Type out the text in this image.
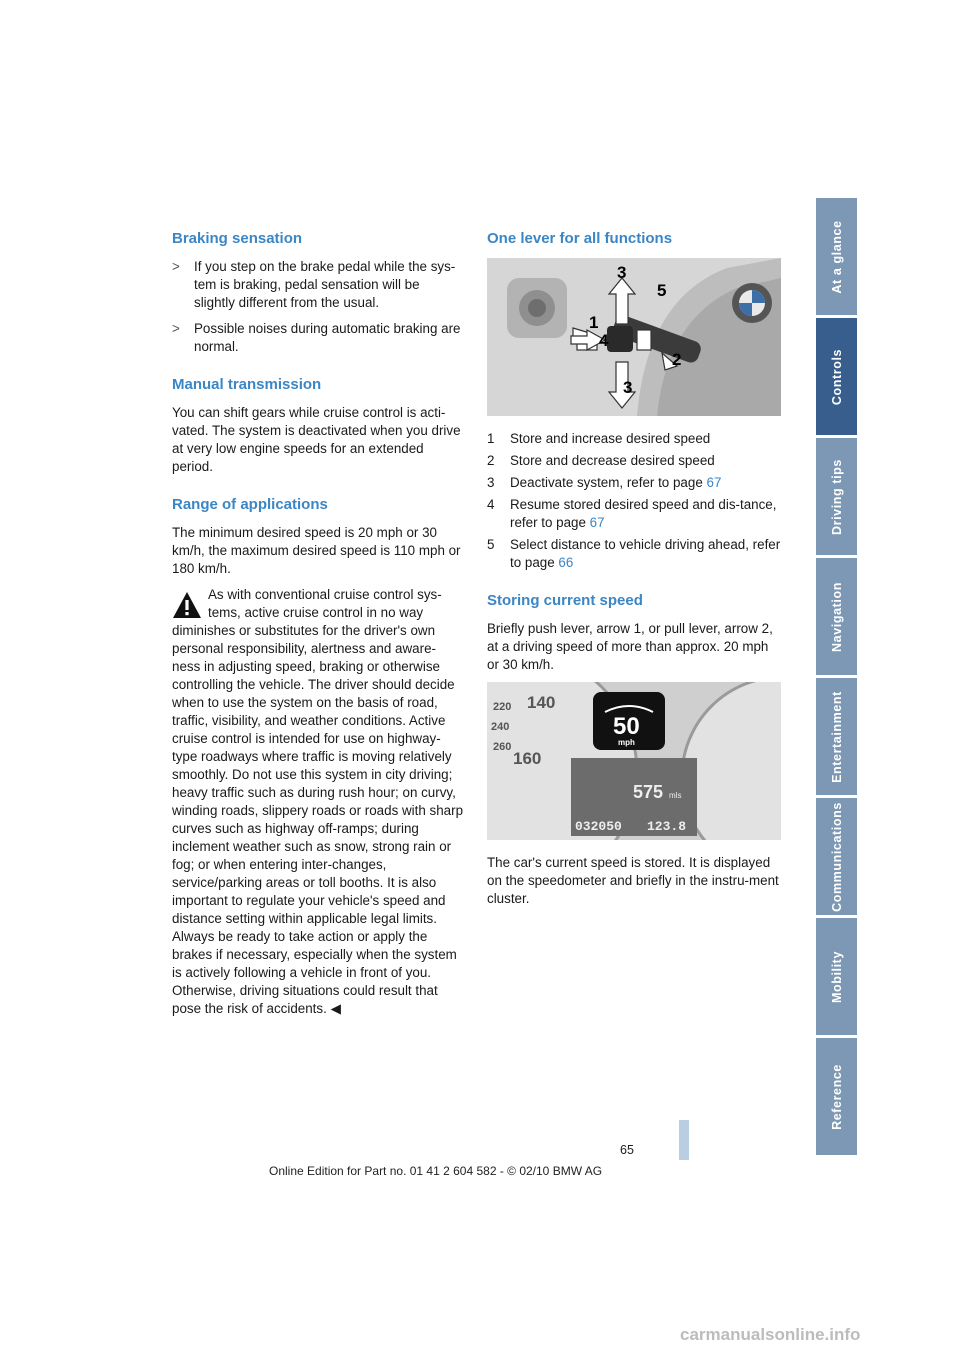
Braking sensation
>	If you step on the brake pedal while the sys-tem is braking, pedal sensation will be slightly different from the usual.
>	Possible noises during automatic braking are normal.
Manual transmission

You can shift gears while cruise control is acti-vated. The system is deactivated when you drive at very low engine speeds for an extended period.

Range of applications

The minimum desired speed is 20 mph or 30 km/h, the maximum desired speed is 110 mph or 180 km/h.

As with conventional cruise control sys-tems, active cruise control in no way diminishes or substitutes for the driver's own personal responsibility, alertness and aware-ness in adjusting speed, braking or otherwise controlling the vehicle. The driver should decide when to use the system on the basis of road, traffic, visibility, and weather conditions. Active cruise control is intended for use on highway-type roadways where traffic is moving relatively smoothly. Do not use this system in city driving; heavy traffic such as during rush hour; on curvy, winding roads, slippery roads or roads with sharp curves such as highway off-ramps; during inclement weather such as snow, strong rain or fog; or when entering inter-changes, service/parking areas or toll booths. It is also important to regulate your vehicle's speed and distance setting within applicable legal limits. Always be ready to take action or apply the brakes if necessary, especially when the system is actively following a vehicle in front of you. Otherwise, driving situations could result that pose the risk of accidents. ◀
One lever for all functions
1
2
3
3
4
5
1	Store and increase desired speed
2	Store and decrease desired speed
3	Deactivate system, refer to page 67
4	Resume stored desired speed and dis-tance, refer to page 67
5	Select distance to vehicle driving ahead, refer to page 66
Storing current speed

Briefly push lever, arrow 1, or pull lever, arrow 2, at a driving speed of more than approx. 20 mph or 30 km/h.

220 140
240
260
160
50
mph
575 mls
032050 123.8

The car's current speed is stored. It is displayed on the speedometer and briefly in the instru-ment cluster.

At a glance
Controls
Driving tips
Navigation
Entertainment
Communications
Mobility
Reference
65
Online Edition for Part no. 01 41 2 604 582 - © 02/10 BMW AG
carmanualsonline.info
